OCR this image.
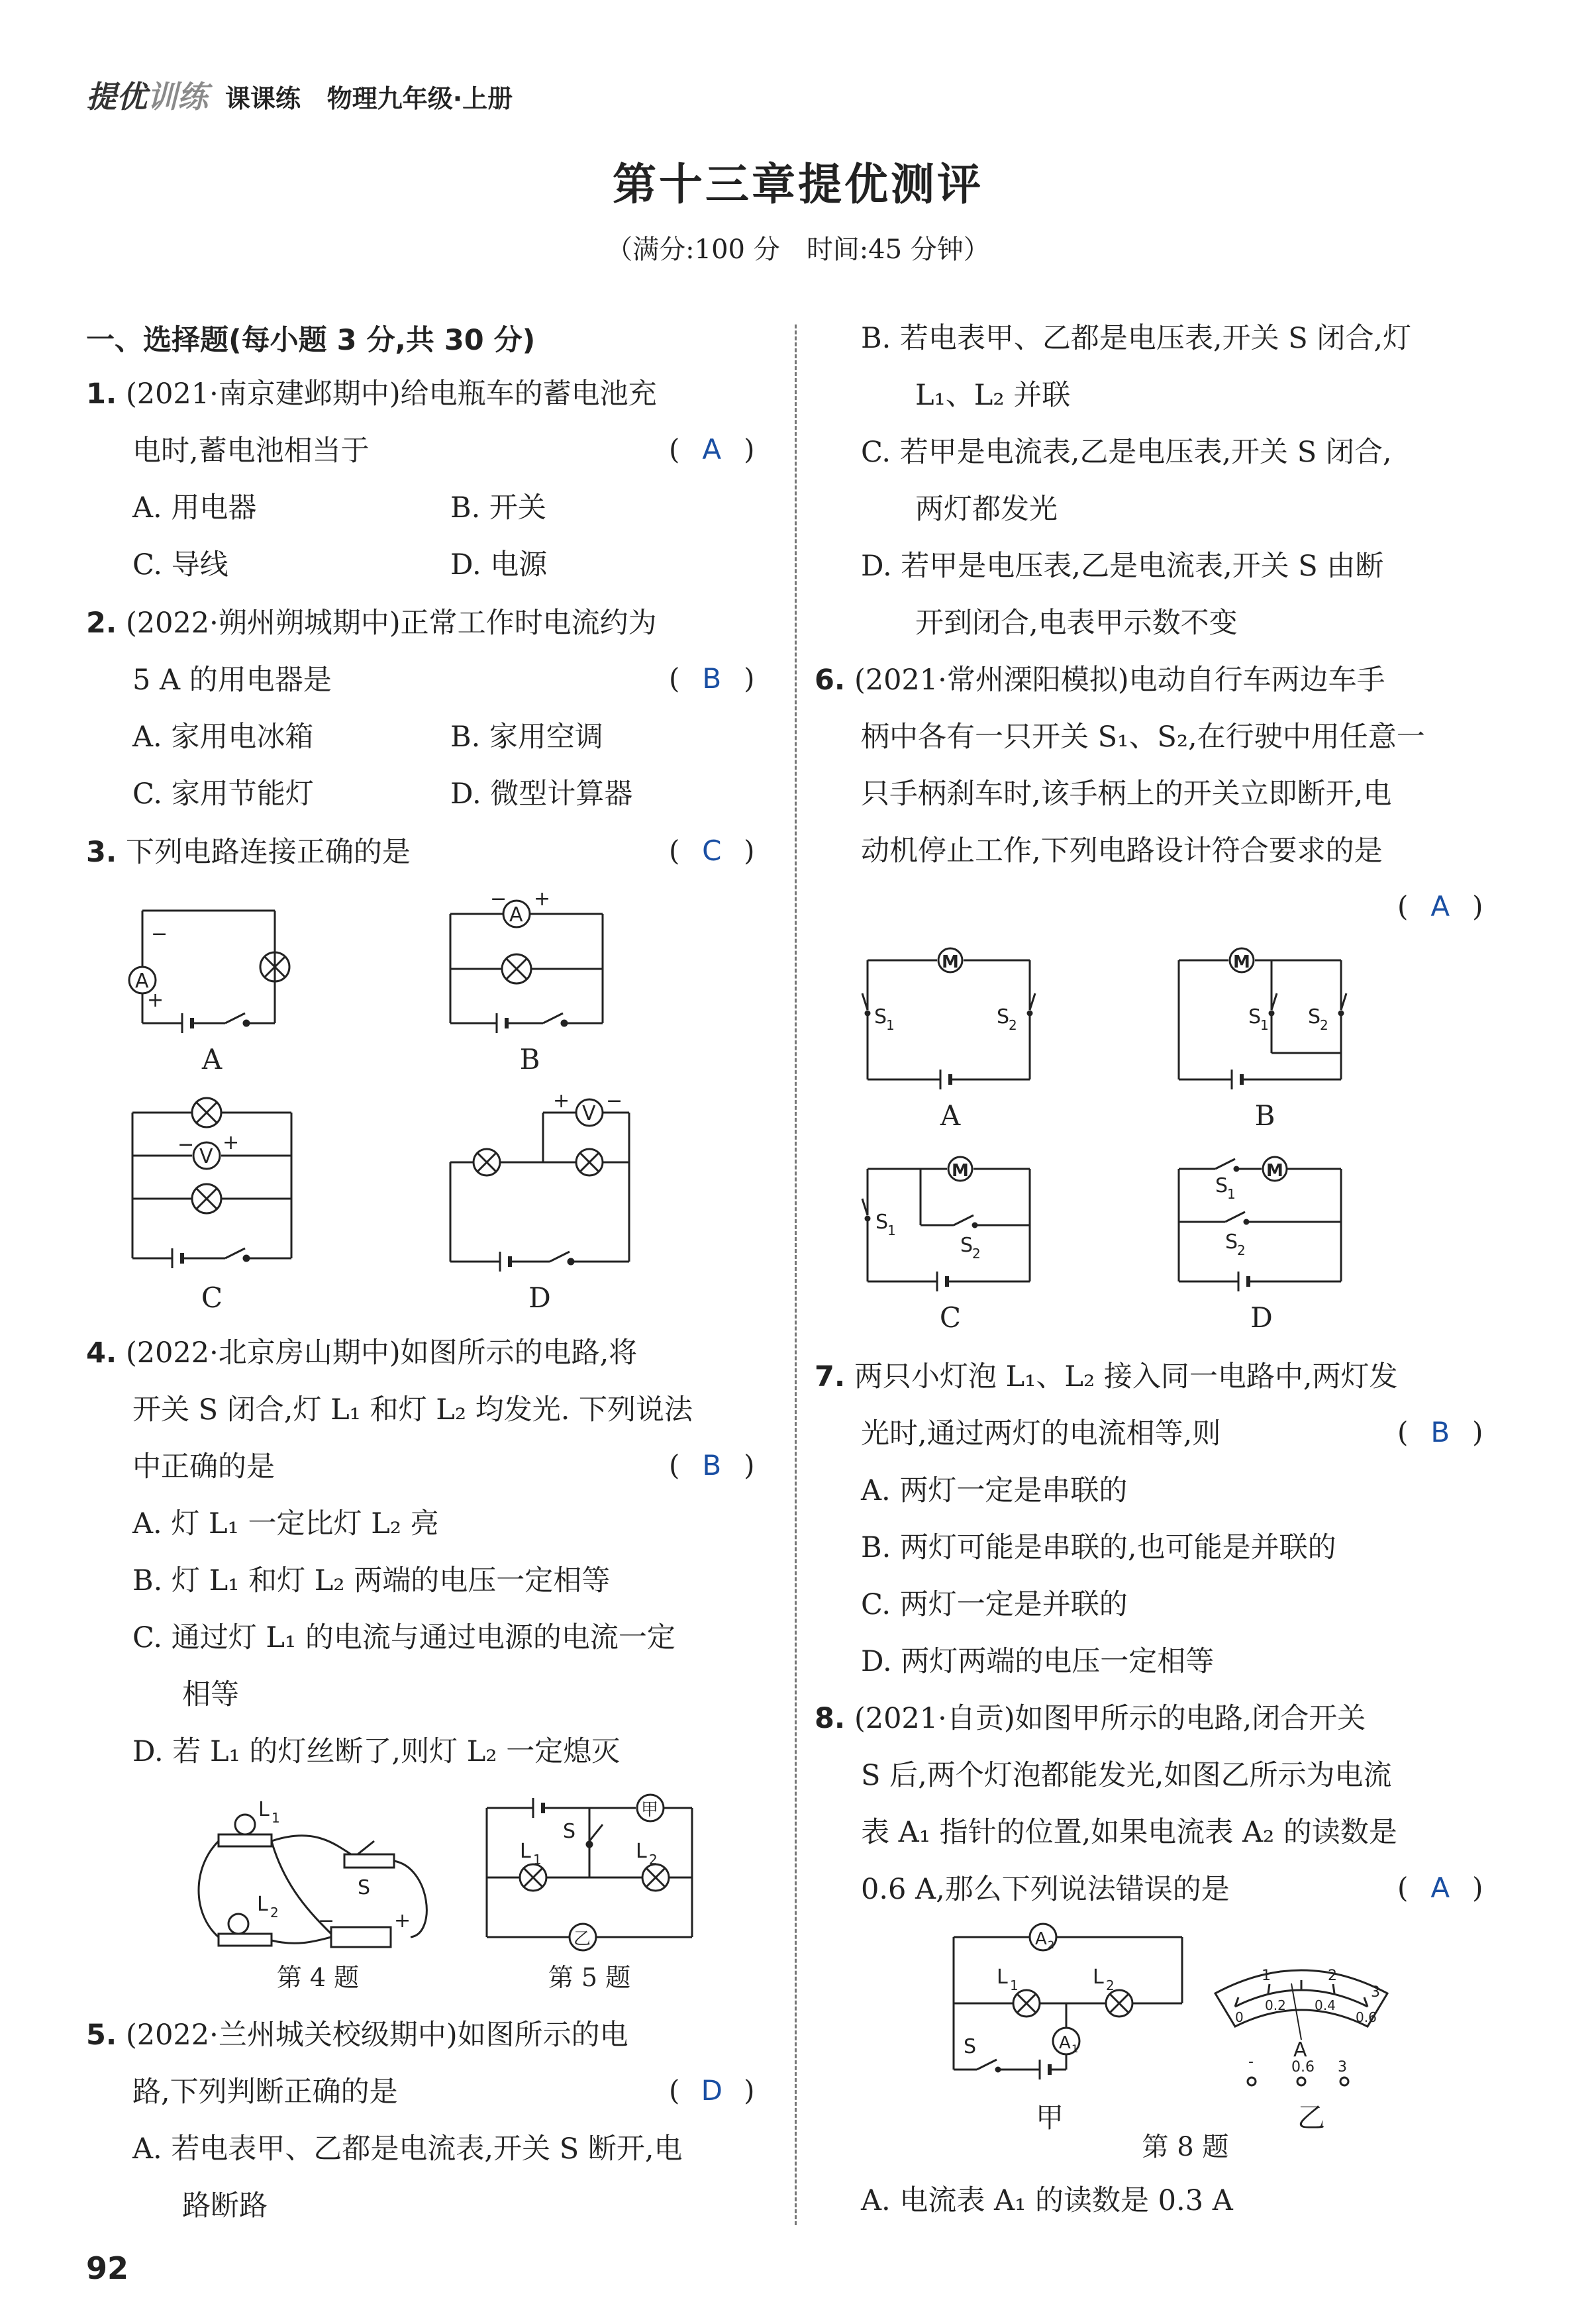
提优训练 课课练 物理九年级·上册
第十三章提优测评
（满分:100 分　时间:45 分钟）
一、选择题(每小题 3 分,共 30 分)
1. (2021·南京建邺期中)给电瓶车的蓄电池充
电时,蓄电池相当于	( A )
A. 用电器	B. 开关
C. 导线	D. 电源
2. (2022·朔州朔城期中)正常工作时电流约为
5 A 的用电器是	( B )
A. 家用电冰箱	B. 家用空调
C. 家用节能灯	D. 微型计算器
3. 下列电路连接正确的是	( C )
A
−
+
A
A
− +
B
V
− +
C
V
+ −
D
4. (2022·北京房山期中)如图所示的电路,将
开关 S 闭合,灯 L₁ 和灯 L₂ 均发光. 下列说法
中正确的是	( B )
A. 灯 L₁ 一定比灯 L₂ 亮
B. 灯 L₁ 和灯 L₂ 两端的电压一定相等
C. 通过灯 L₁ 的电流与通过电源的电流一定
相等
D. 若 L₁ 的灯丝断了,则灯 L₂ 一定熄灭
L 1
L 2
S
+
−
第 4 题
甲
L 1	L 2
S
乙
第 5 题
5. (2022·兰州城关校级期中)如图所示的电
路,下列判断正确的是	( D )
A. 若电表甲、乙都是电流表,开关 S 断开,电
路断路
92
B. 若电表甲、乙都是电压表,开关 S 闭合,灯
L₁、L₂ 并联
C. 若甲是电流表,乙是电压表,开关 S 闭合,
两灯都发光
D. 若甲是电压表,乙是电流表,开关 S 由断
开到闭合,电表甲示数不变
6. (2021·常州溧阳模拟)电动自行车两边车手
柄中各有一只开关 S₁、S₂,在行驶中用任意一
只手柄刹车时,该手柄上的开关立即断开,电
动机停止工作,下列电路设计符合要求的是
( A )
M
S
1	S
2
A
M
S
1 S
2
B
M
S
1
S
2
C
S
1
M
S
2
D
7. 两只小灯泡 L₁、L₂ 接入同一电路中,两灯发
光时,通过两灯的电流相等,则	( B )
A. 两灯一定是串联的
B. 两灯可能是串联的,也可能是并联的
C. 两灯一定是并联的
D. 两灯两端的电压一定相等
8. (2021·自贡)如图甲所示的电路,闭合开关
S 后,两个灯泡都能发光,如图乙所示为电流
表 A₁ 指针的位置,如果电流表 A₂ 的读数是
0.6 A,那么下列说法错误的是	( A )
A 2
L 1	L 2
A 1
S
甲
1	2
3
0
0.2 0.4
0.6
A
-	0.6 3
乙
第 8 题
A. 电流表 A₁ 的读数是 0.3 A
